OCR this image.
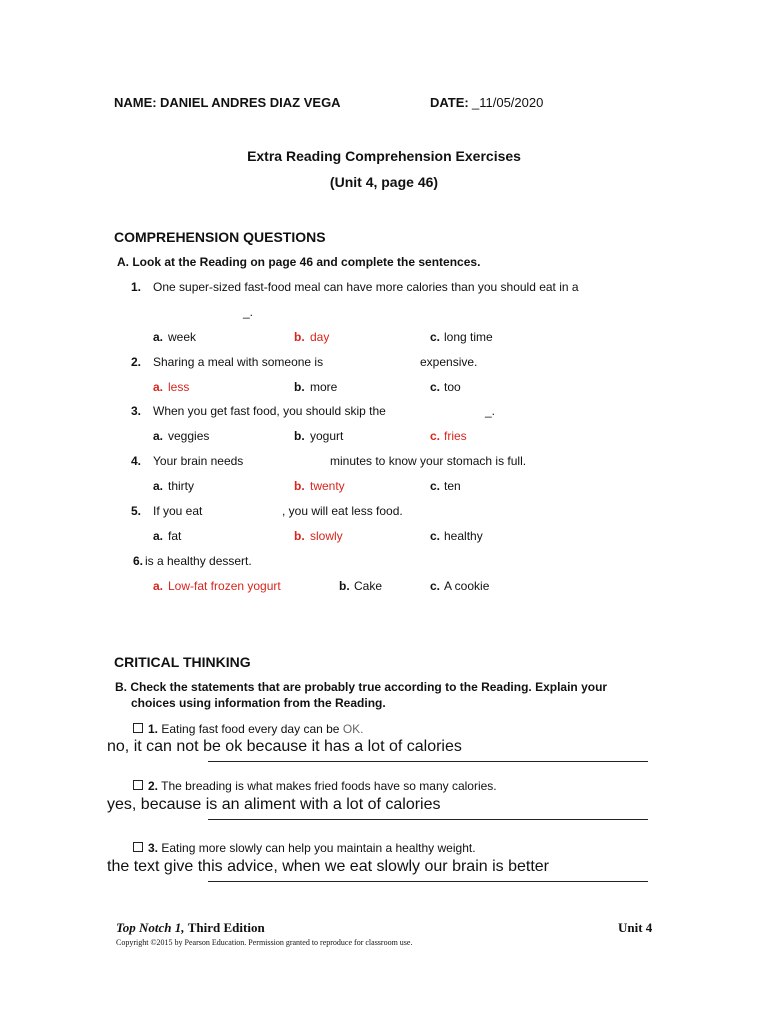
NAME: DANIEL ANDRES DIAZ VEGA	DATE: _11/05/2020
Extra Reading Comprehension Exercises
(Unit 4, page 46)
COMPREHENSION QUESTIONS
A. Look at the Reading on page 46 and complete the sentences.
1. One super-sized fast-food meal can have more calories than you should eat in a
_.
a. week	b. day	c. long time
2. Sharing a meal with someone is	expensive.
a. less	b. more	c. too
3. When you get fast food, you should skip the	_.
a. veggies	b. yogurt	c. fries
4. Your brain needs	minutes to know your stomach is full.
a. thirty	b. twenty	c. ten
5. If you eat	, you will eat less food.
a. fat	b. slowly	c. healthy
6. is a healthy dessert.
a. Low-fat frozen yogurt	b. Cake	c. A cookie
CRITICAL THINKING
B. Check the statements that are probably true according to the Reading. Explain your
choices using information from the Reading.
1. Eating fast food every day can be OK.
no, it can not be ok because it has a lot of calories
2. The breading is what makes fried foods have so many calories.
yes, because is an aliment with a lot of calories
3. Eating more slowly can help you maintain a healthy weight.
the text give this advice, when we eat slowly our brain is better
Top Notch 1, Third Edition	Unit 4
Copyright ©2015 by Pearson Education. Permission granted to reproduce for classroom use.
